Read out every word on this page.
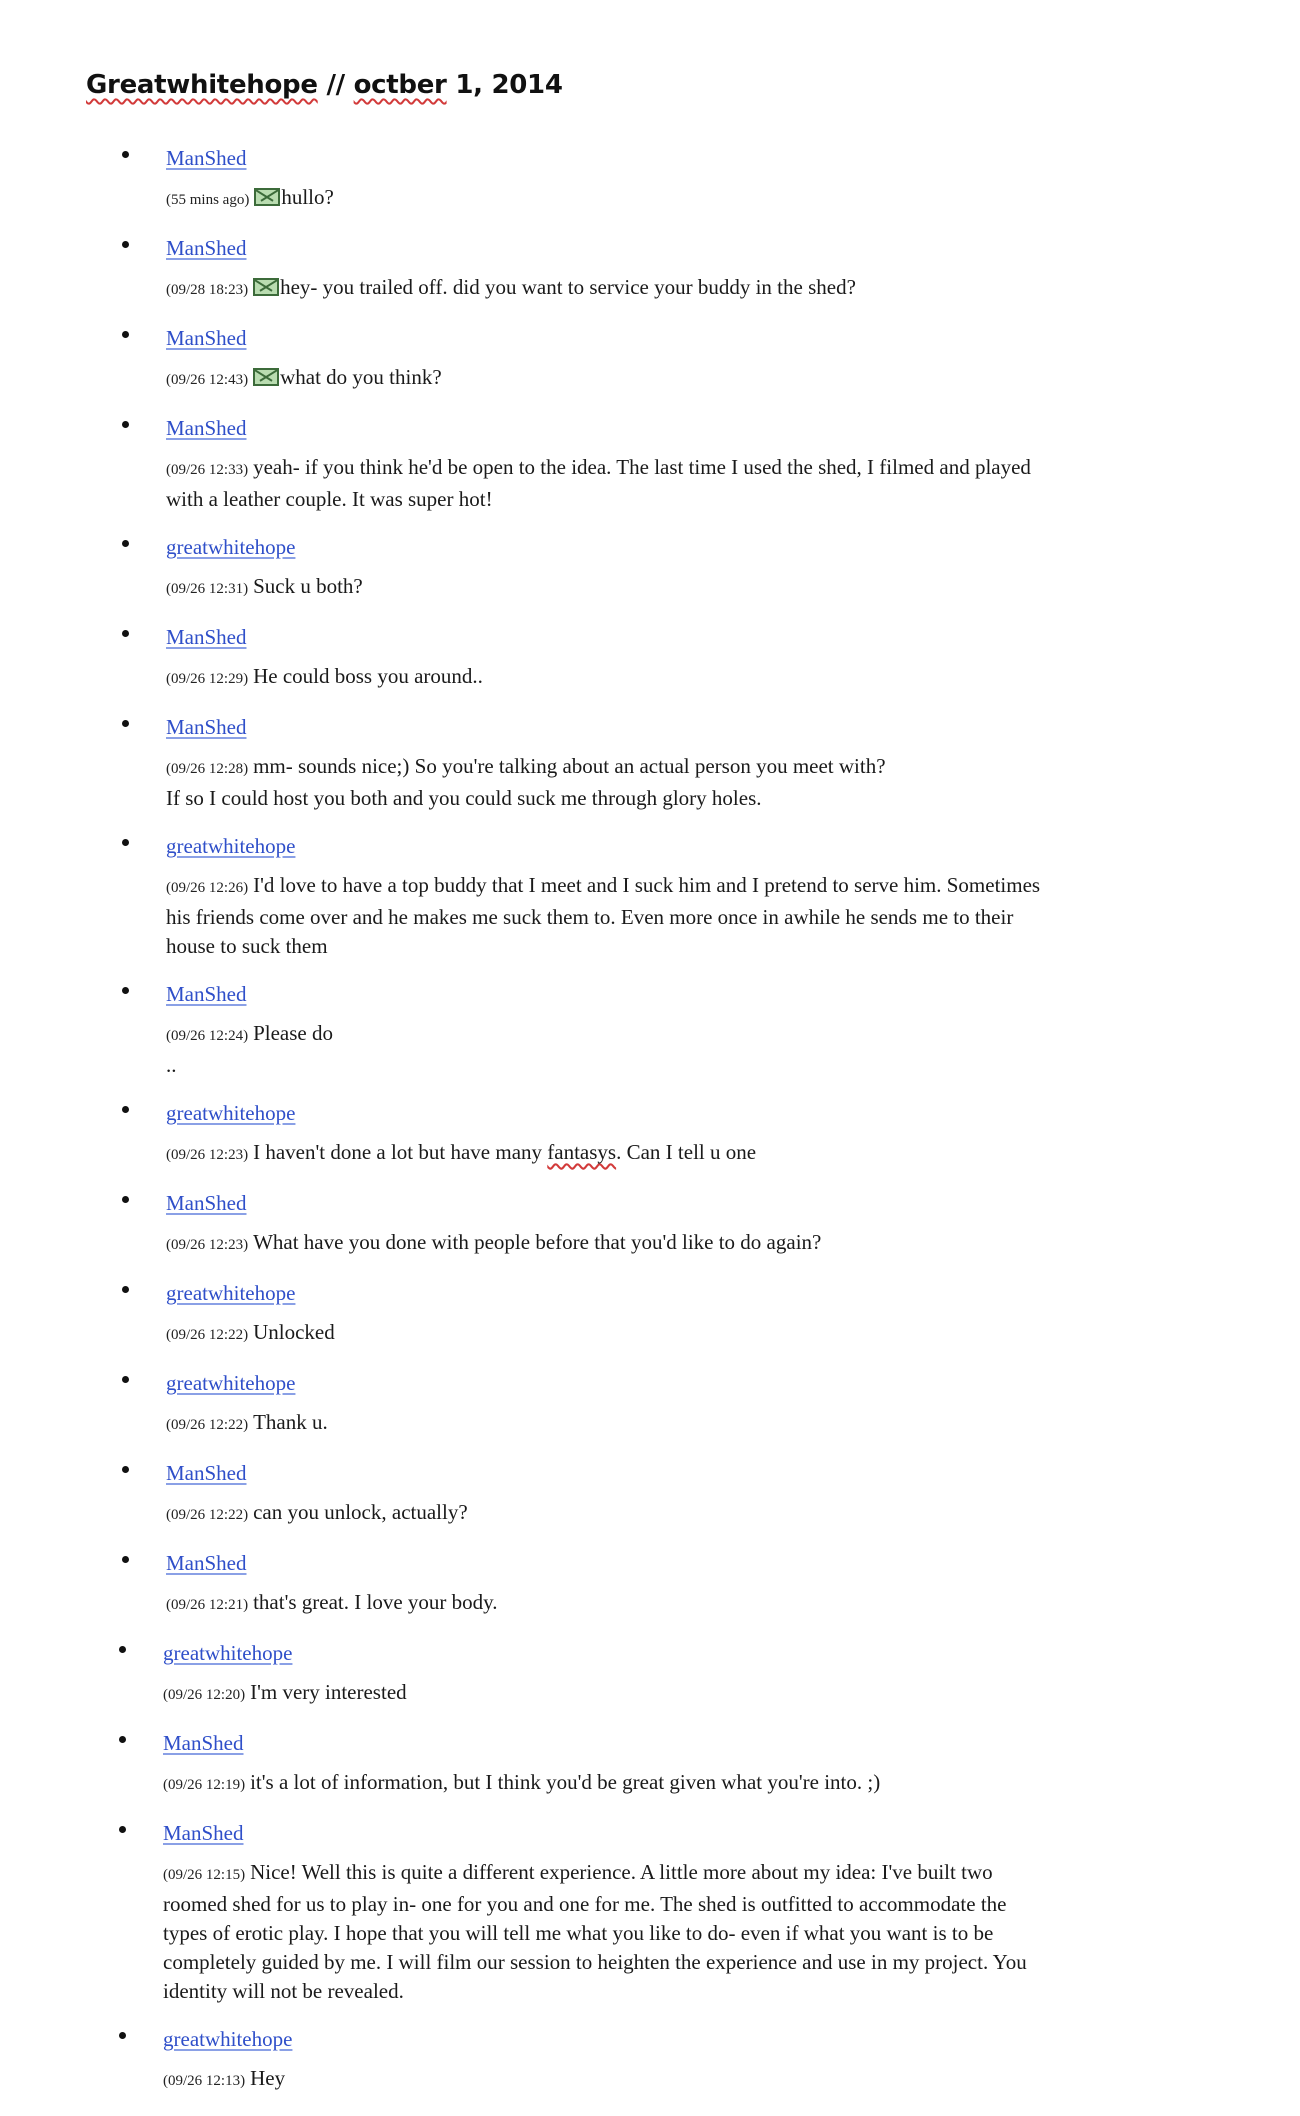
Greatwhitehope // octber 1, 2014
ManShed
(55 mins ago) hullo?
ManShed
(09/28 18:23) hey- you trailed off. did you want to service your buddy in the shed?
ManShed
(09/26 12:43) what do you think?
ManShed
(09/26 12:33) yeah- if you think he'd be open to the idea. The last time I used the shed, I filmed and played with a leather couple. It was super hot!
greatwhitehope
(09/26 12:31) Suck u both?
ManShed
(09/26 12:29) He could boss you around..
ManShed
(09/26 12:28) mm- sounds nice;) So you're talking about an actual person you meet with?
If so I could host you both and you could suck me through glory holes.
greatwhitehope
(09/26 12:26) I'd love to have a top buddy that I meet and I suck him and I pretend to serve him. Sometimes his friends come over and he makes me suck them to. Even more once in awhile he sends me to their house to suck them
ManShed
(09/26 12:24) Please do
..
greatwhitehope
(09/26 12:23) I haven't done a lot but have many fantasys. Can I tell u one
ManShed
(09/26 12:23) What have you done with people before that you'd like to do again?
greatwhitehope
(09/26 12:22) Unlocked
greatwhitehope
(09/26 12:22) Thank u.
ManShed
(09/26 12:22) can you unlock, actually?
ManShed
(09/26 12:21) that's great. I love your body.
greatwhitehope
(09/26 12:20) I'm very interested
ManShed
(09/26 12:19) it's a lot of information, but I think you'd be great given what you're into. ;)
ManShed
(09/26 12:15) Nice! Well this is quite a different experience. A little more about my idea: I've built two roomed shed for us to play in- one for you and one for me. The shed is outfitted to accommodate the types of erotic play. I hope that you will tell me what you like to do- even if what you want is to be completely guided by me. I will film our session to heighten the experience and use in my project. You identity will not be revealed.
greatwhitehope
(09/26 12:13) Hey
